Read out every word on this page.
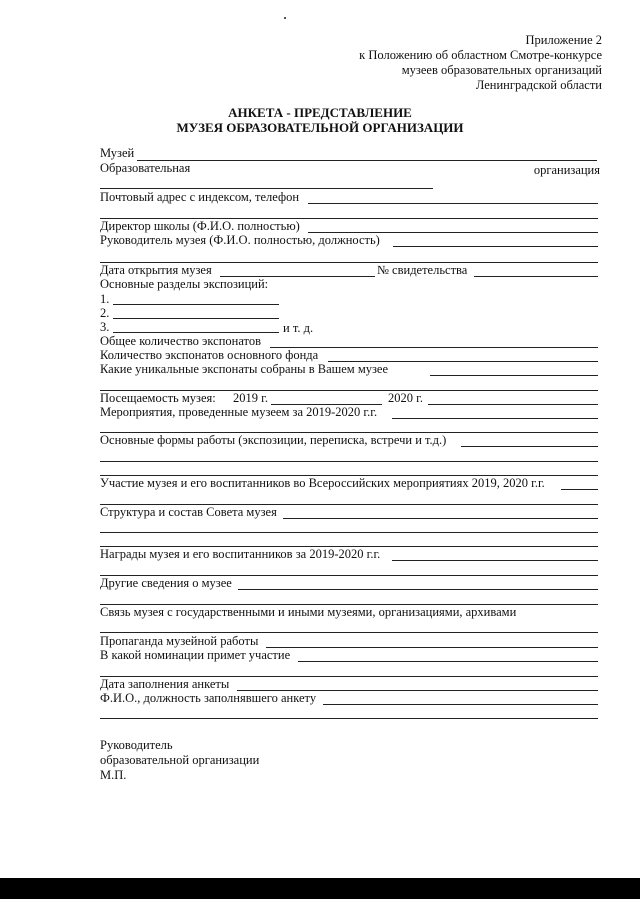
Приложение 2
к Положению об областном Смотре-конкурсе
музеев образовательных организаций
Ленинградской области
АНКЕТА - ПРЕДСТАВЛЕНИЕ
МУЗЕЯ ОБРАЗОВАТЕЛЬНОЙ ОРГАНИЗАЦИИ
Музей
Образовательная	организация
Почтовый адрес с индексом, телефон
Директор школы (Ф.И.О. полностью)
Руководитель музея (Ф.И.О. полностью, должность)
Дата открытия музея	№ свидетельства
Основные разделы экспозиций:
1.
2.
3.	и т. д.
Общее количество экспонатов
Количество экспонатов основного фонда
Какие уникальные экспонаты собраны в Вашем музее
Посещаемость музея: 2019 г.	2020 г.
Мероприятия, проведенные музеем за 2019-2020 г.г.
Основные формы работы (экспозиции, переписка, встречи и т.д.)
Участие музея и его воспитанников во Всероссийских мероприятиях 2019, 2020 г.г.
Структура и состав Совета музея
Награды музея и его воспитанников за 2019-2020 г.г.
Другие сведения о музее
Связь музея с государственными и иными музеями, организациями, архивами
Пропаганда музейной работы
В какой номинации примет участие
Дата заполнения анкеты
Ф.И.О., должность заполнявшего анкету
Руководитель
образовательной организации
М.П.
